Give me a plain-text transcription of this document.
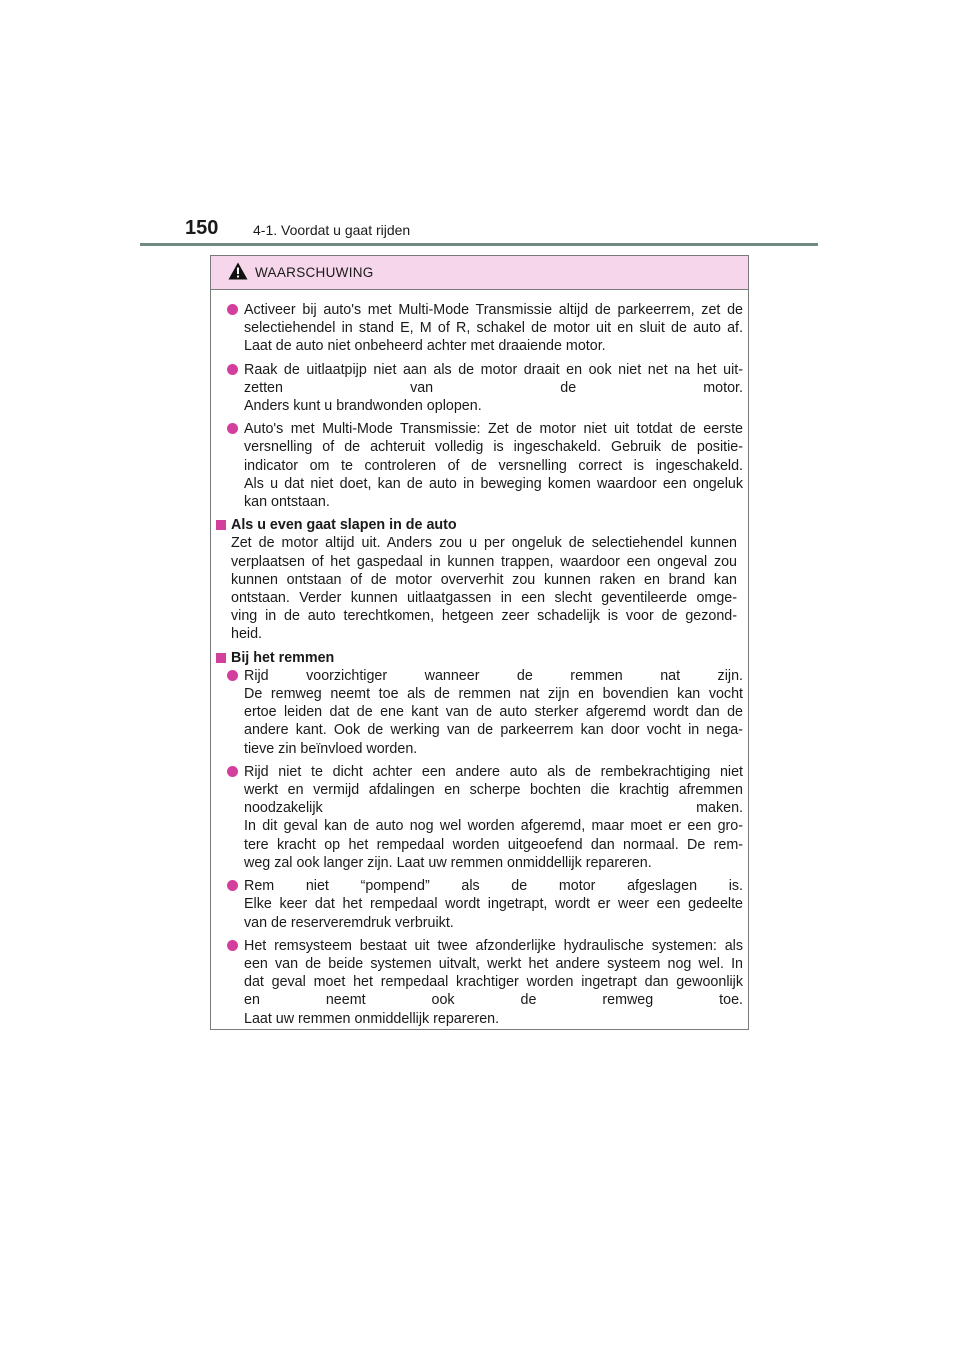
150 4-1. Voordat u gaat rijden
WAARSCHUWING
Activeer bij auto's met Multi-Mode Transmissie altijd de parkeerrem, zet de
selectiehendel in stand E, M of R, schakel de motor uit en sluit de auto af.
Laat de auto niet onbeheerd achter met draaiende motor.
Raak de uitlaatpijp niet aan als de motor draait en ook niet net na het uit-
zetten van de motor.
Anders kunt u brandwonden oplopen.
Auto's met Multi-Mode Transmissie: Zet de motor niet uit totdat de eerste
versnelling of de achteruit volledig is ingeschakeld. Gebruik de positie-
indicator om te controleren of de versnelling correct is ingeschakeld.
Als u dat niet doet, kan de auto in beweging komen waardoor een ongeluk
kan ontstaan.
Als u even gaat slapen in de auto
Zet de motor altijd uit. Anders zou u per ongeluk de selectiehendel kunnen
verplaatsen of het gaspedaal in kunnen trappen, waardoor een ongeval zou
kunnen ontstaan of de motor oververhit zou kunnen raken en brand kan
ontstaan. Verder kunnen uitlaatgassen in een slecht geventileerde omge-
ving in de auto terechtkomen, hetgeen zeer schadelijk is voor de gezond-
heid.
Bij het remmen
Rijd voorzichtiger wanneer de remmen nat zijn.
De remweg neemt toe als de remmen nat zijn en bovendien kan vocht
ertoe leiden dat de ene kant van de auto sterker afgeremd wordt dan de
andere kant. Ook de werking van de parkeerrem kan door vocht in nega-
tieve zin beïnvloed worden.
Rijd niet te dicht achter een andere auto als de rembekrachtiging niet
werkt en vermijd afdalingen en scherpe bochten die krachtig afremmen
noodzakelijk maken.
In dit geval kan de auto nog wel worden afgeremd, maar moet er een gro-
tere kracht op het rempedaal worden uitgeoefend dan normaal. De rem-
weg zal ook langer zijn. Laat uw remmen onmiddellijk repareren.
Rem niet “pompend” als de motor afgeslagen is.
Elke keer dat het rempedaal wordt ingetrapt, wordt er weer een gedeelte
van de reserveremdruk verbruikt.
Het remsysteem bestaat uit twee afzonderlijke hydraulische systemen: als
een van de beide systemen uitvalt, werkt het andere systeem nog wel. In
dat geval moet het rempedaal krachtiger worden ingetrapt dan gewoonlijk
en neemt ook de remweg toe.
Laat uw remmen onmiddellijk repareren.
